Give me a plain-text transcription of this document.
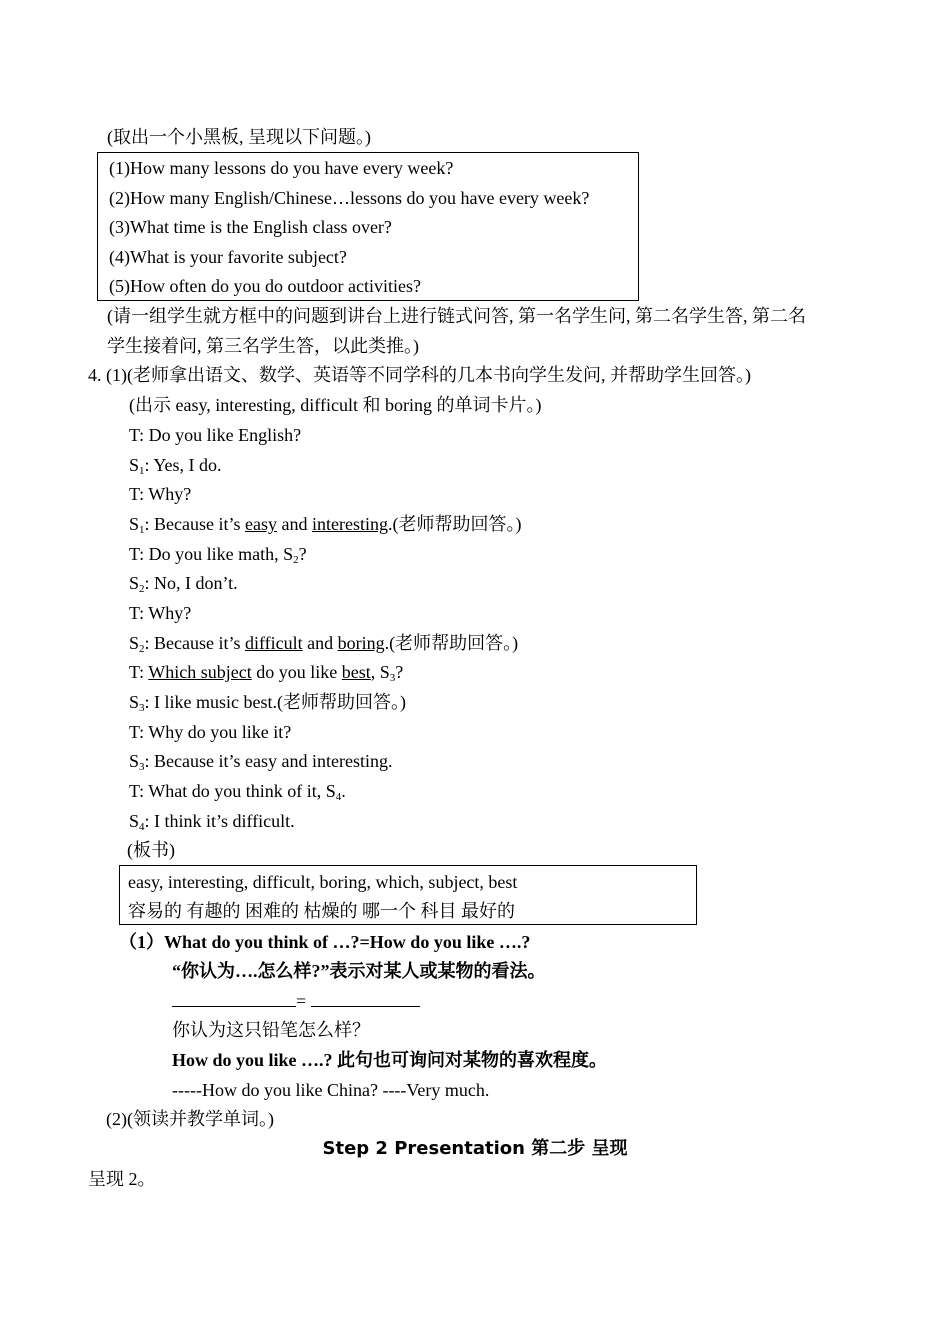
(取出一个小黑板, 呈现以下问题。)
(1)How many lessons do you have every week?
(2)How many English/Chinese…lessons do you have every week?
(3)What time is the English class over?
(4)What is your favorite subject?
(5)How often do you do outdoor activities?
(请一组学生就方框中的问题到讲台上进行链式问答, 第一名学生问, 第二名学生答, 第二名
学生接着问, 第三名学生答，以此类推。)
4. (1)(老师拿出语文、数学、英语等不同学科的几本书向学生发问, 并帮助学生回答。)
(出示 easy, interesting, difficult 和 boring 的单词卡片。)
T: Do you like English?
$S_1$: Yes, I do.
T: Why?
$S_1$: Because it’s easy and interesting.(老师帮助回答。)
T: Do you like math, $S_2$?
$S_2$: No, I don’t.
T: Why?
$S_2$: Because it’s difficult and boring.(老师帮助回答。)
T: Which subject do you like best, $S_3$?
$S_3$: I like music best.(老师帮助回答。)
T: Why do you like it?
$S_3$: Because it’s easy and interesting.
T: What do you think of it, $S_4$.
$S_4$: I think it’s difficult.
(板书)
easy, interesting, difficult, boring, which, subject, best
容易的 有趣的 困难的 枯燥的 哪一个 科目 最好的
（1）What do you think of …?=How do you like ….?
“你认为….怎么样?”表示对某人或某物的看法。
=
你认为这只铅笔怎么样？
How do you like ….? 此句也可询问对某物的喜欢程度。
-----How do you like China? ----Very much.
(2)(领读并教学单词。)
Step 2 Presentation 第二步 呈现
呈现 2。
